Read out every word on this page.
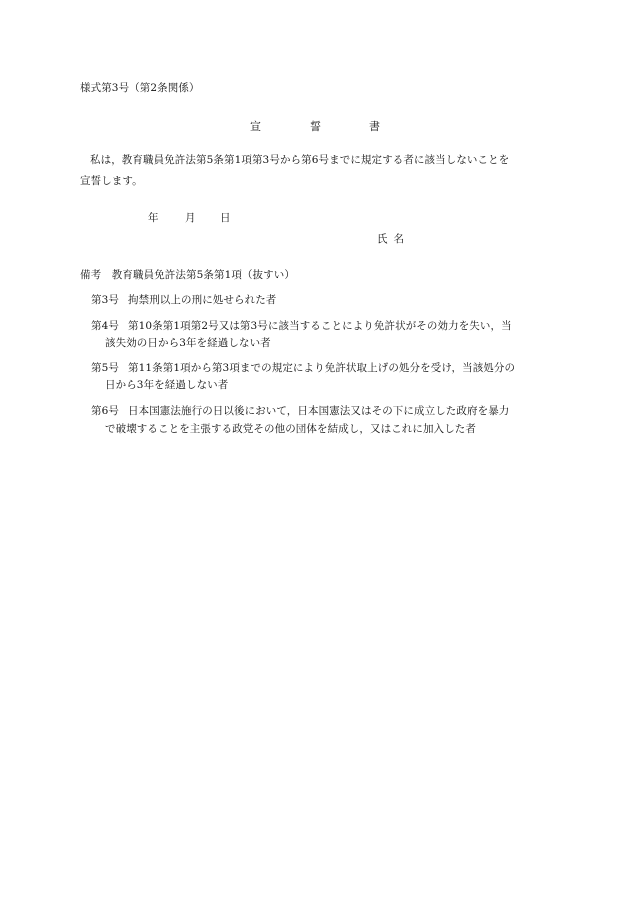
様式第3号（第2条関係）
宣	誓	書
私は，教育職員免許法第5条第1項第3号から第6号までに規定する者に該当しないことを
宣誓します。
年	月 日
氏名
備考　教育職員免許法第5条第1項（抜すい）
第3号 拘禁刑以上の刑に処せられた者
第4号 第10条第1項第2号又は第3号に該当することにより免許状がその効力を失い，当
該失効の日から3年を経過しない者
第5号 第11条第1項から第3項までの規定により免許状取上げの処分を受け，当該処分の
日から3年を経過しない者
第6号 日本国憲法施行の日以後において，日本国憲法又はその下に成立した政府を暴力
で破壊することを主張する政党その他の団体を結成し，又はこれに加入した者
